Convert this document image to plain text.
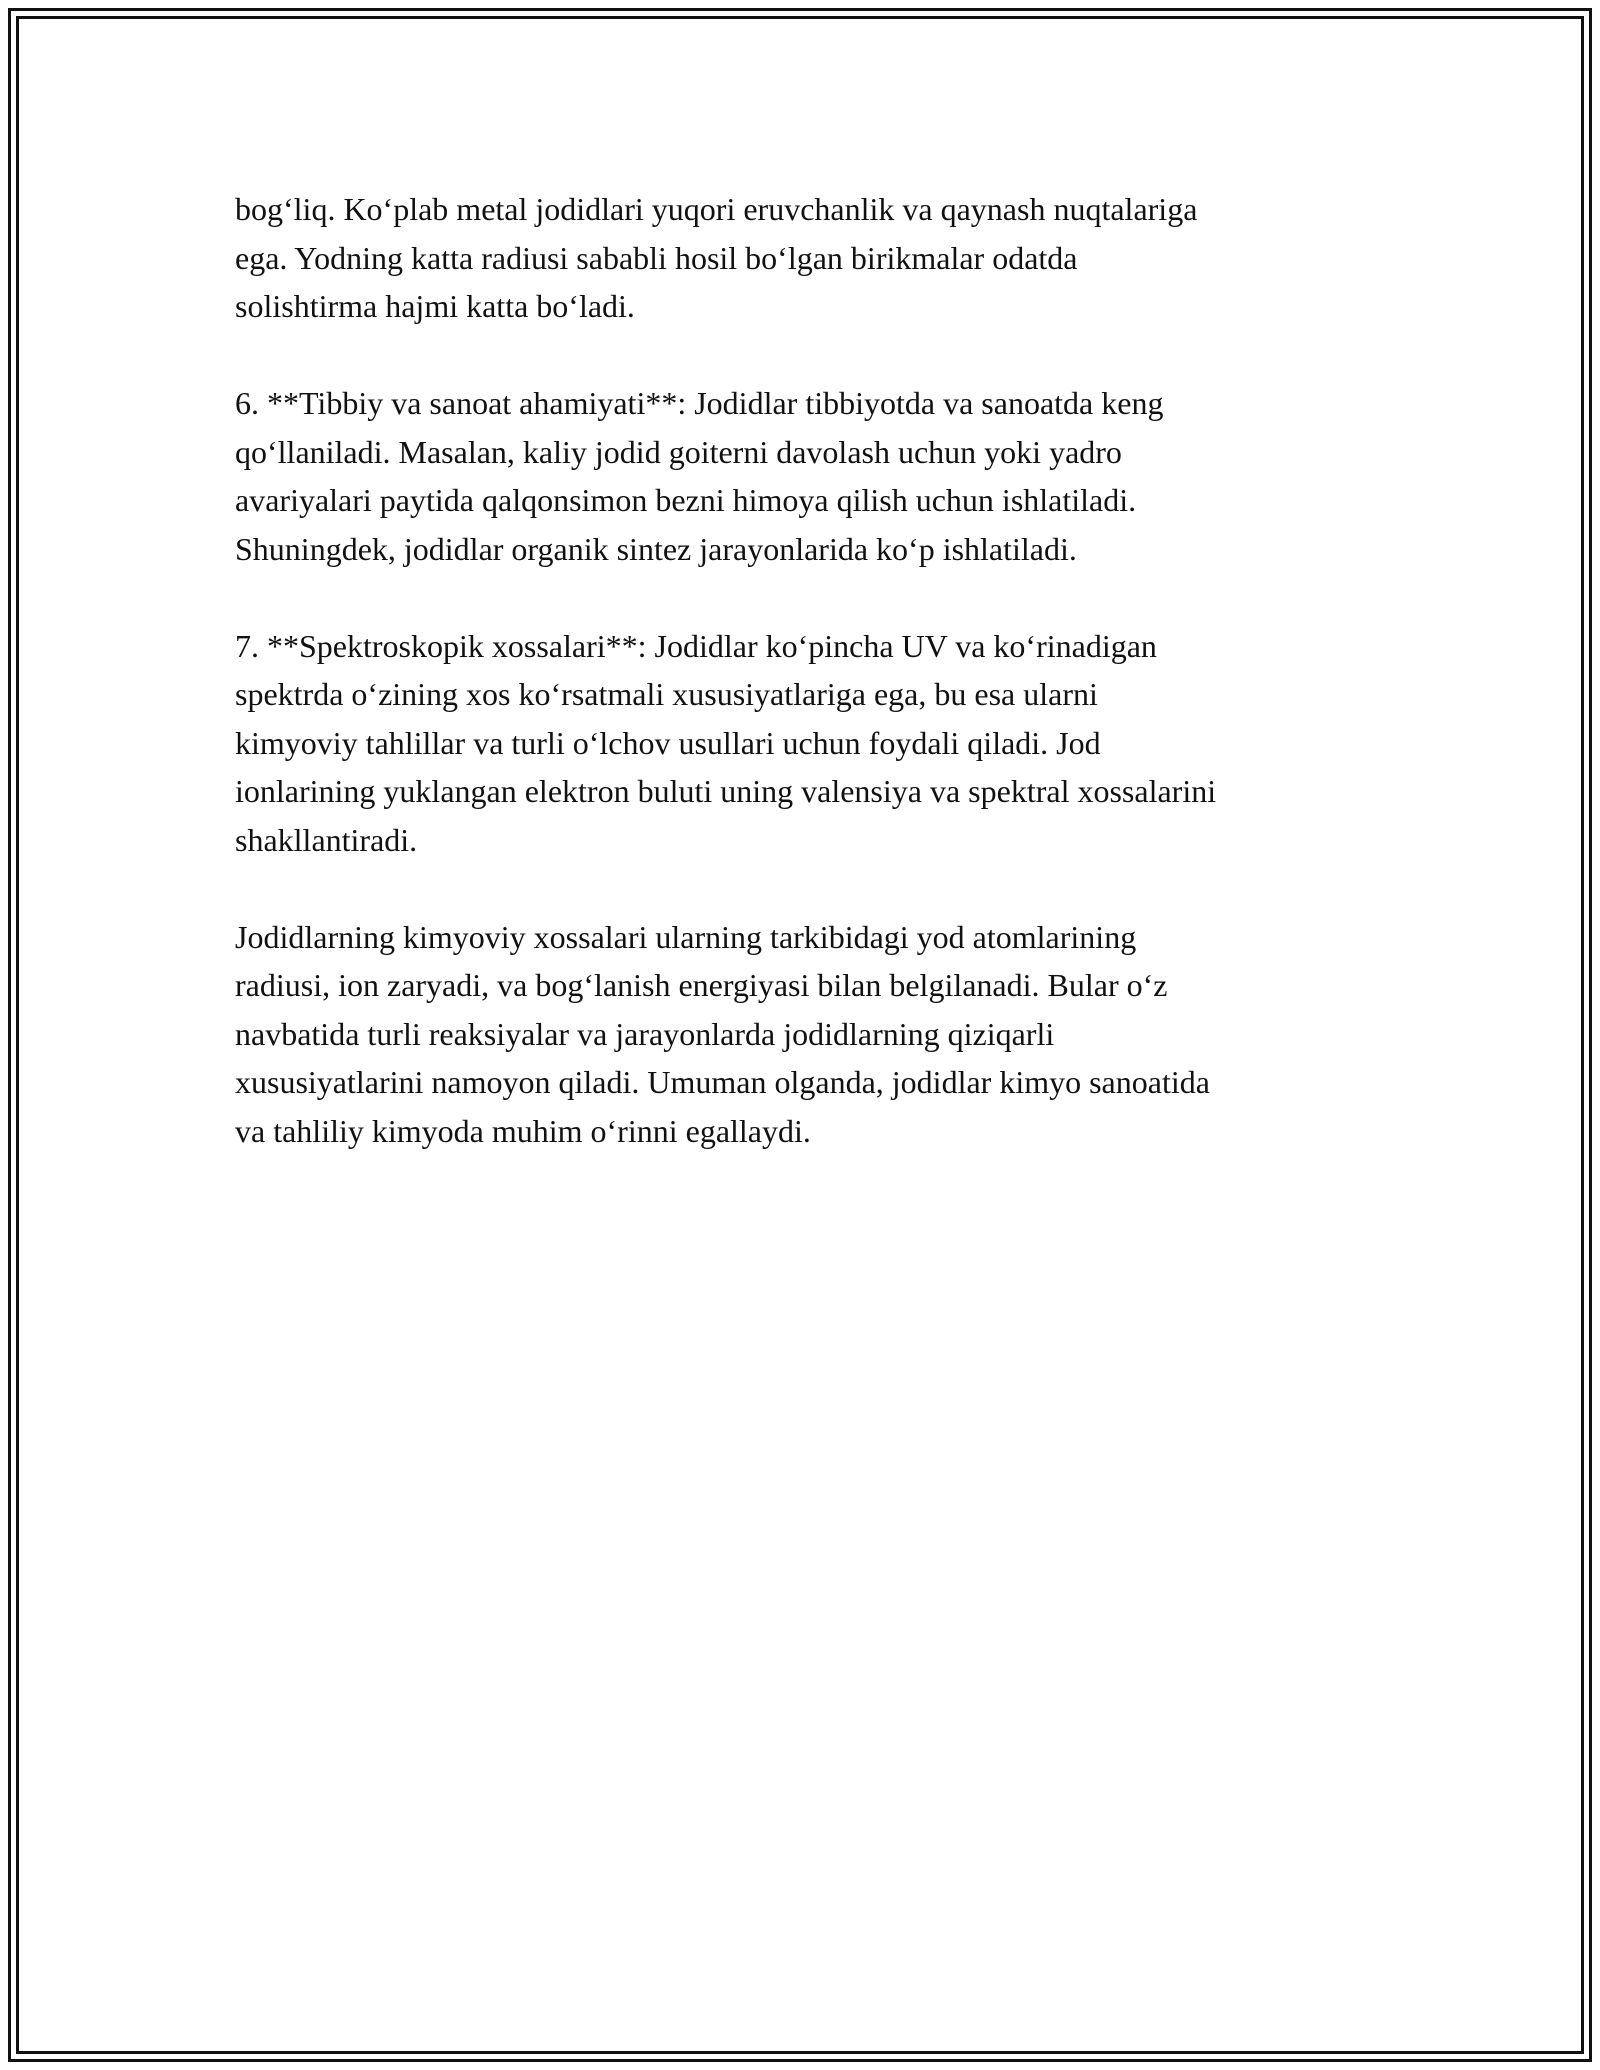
bog‘liq. Ko‘plab metal jodidlari yuqori eruvchanlik va qaynash nuqtalariga
ega. Yodning katta radiusi sababli hosil bo‘lgan birikmalar odatda
solishtirma hajmi katta bo‘ladi.

6. **Tibbiy va sanoat ahamiyati**: Jodidlar tibbiyotda va sanoatda keng
qo‘llaniladi. Masalan, kaliy jodid goiterni davolash uchun yoki yadro
avariyalari paytida qalqonsimon bezni himoya qilish uchun ishlatiladi.
Shuningdek, jodidlar organik sintez jarayonlarida ko‘p ishlatiladi.

7. **Spektroskopik xossalari**: Jodidlar ko‘pincha UV va ko‘rinadigan
spektrda o‘zining xos ko‘rsatmali xususiyatlariga ega, bu esa ularni
kimyoviy tahlillar va turli o‘lchov usullari uchun foydali qiladi. Jod
ionlarining yuklangan elektron buluti uning valensiya va spektral xossalarini
shakllantiradi.

Jodidlarning kimyoviy xossalari ularning tarkibidagi yod atomlarining
radiusi, ion zaryadi, va bog‘lanish energiyasi bilan belgilanadi. Bular o‘z
navbatida turli reaksiyalar va jarayonlarda jodidlarning qiziqarli
xususiyatlarini namoyon qiladi. Umuman olganda, jodidlar kimyo sanoatida
va tahliliy kimyoda muhim o‘rinni egallaydi.
